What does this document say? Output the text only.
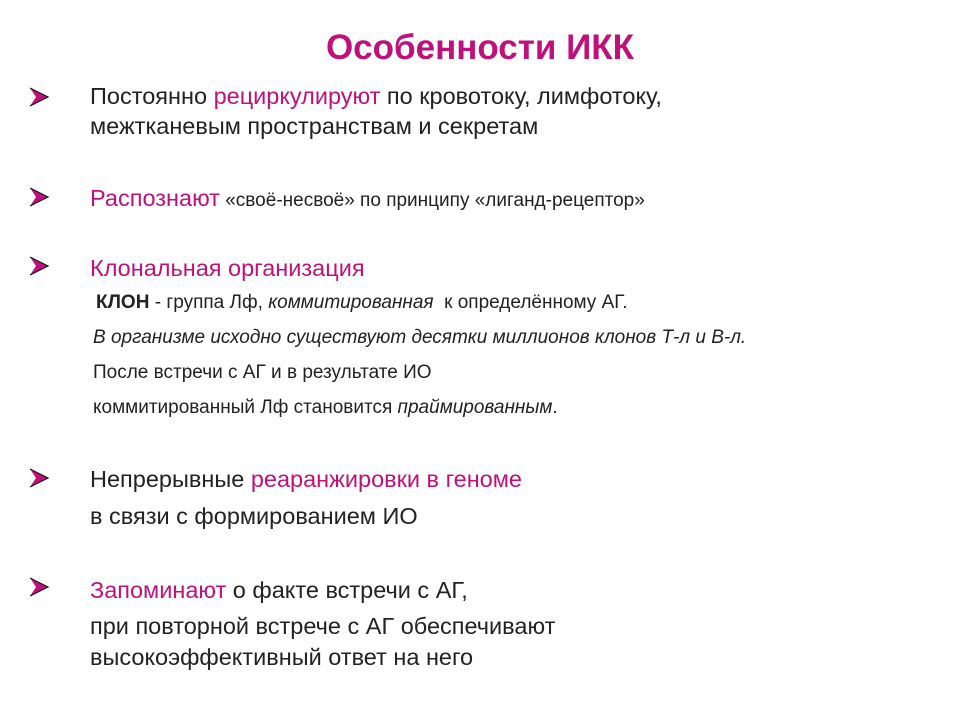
Особенности ИКК
Постоянно рециркулируют по кровотоку, лимфотоку,
межтканевым пространствам и секретам
Распознают «своё-несвоё» по принципу «лиганд-рецептор»
Клональная организация
КЛОН - группа Лф, коммитированная  к определённому АГ.
В организме исходно существуют десятки миллионов клонов Т-л и В-л.
После встречи с АГ и в результате ИО
коммитированный Лф становится праймированным.
Непрерывные реаранжировки в геноме
в связи с формированием ИО
Запоминают о факте встречи с АГ,
при повторной встрече с АГ обеспечивают
высокоэффективный ответ на него
